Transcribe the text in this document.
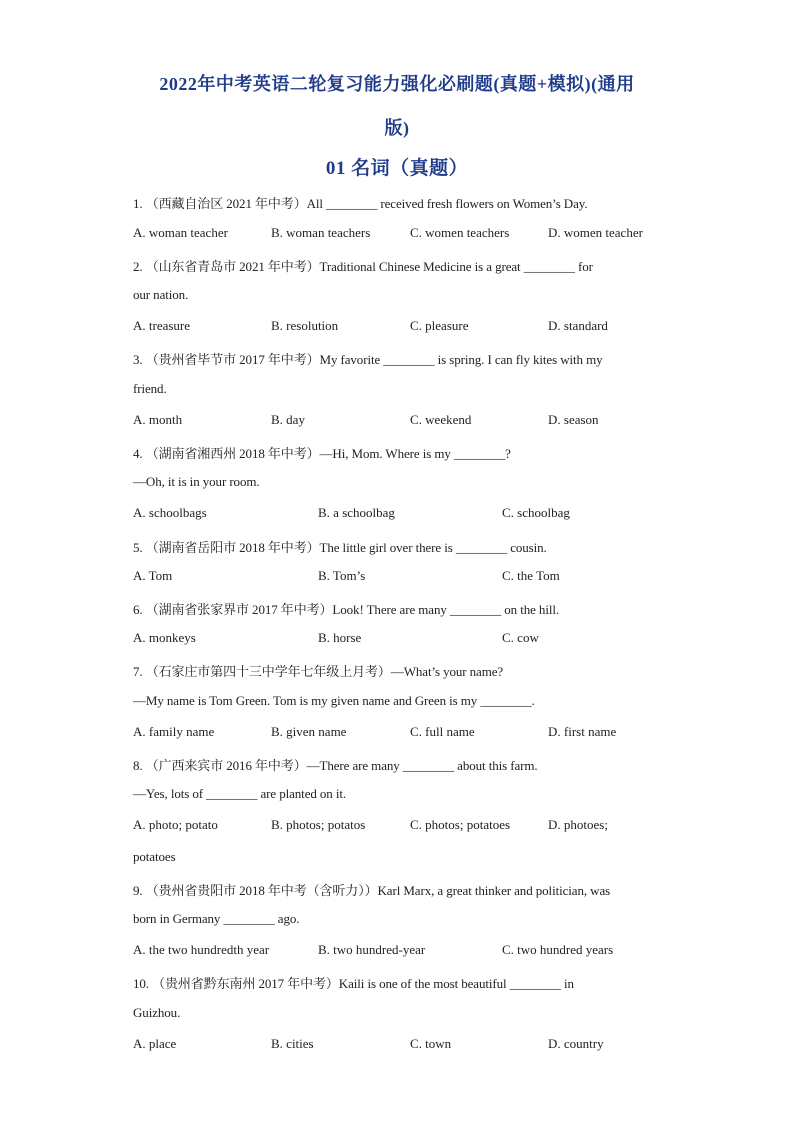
2022年中考英语二轮复习能力强化必刷题(真题+模拟)(通用
版)
01 名词（真题）
1. （西藏自治区 2021 年中考）All ________ received fresh flowers on Women’s Day.
A. woman teacher	B. woman teachers	C. women teachers	D. women teacher
2. （山东省青岛市 2021 年中考）Traditional Chinese Medicine is a great ________ for
our nation.
A. treasure	B. resolution	C. pleasure	D. standard
3. （贵州省毕节市 2017 年中考）My favorite ________ is spring. I can fly kites with my
friend.
A. month	B. day	C. weekend	D. season
4. （湖南省湘西州 2018 年中考）—Hi, Mom. Where is my ________?
—Oh, it is in your room.
A. schoolbags	B. a schoolbag	C. schoolbag
5. （湖南省岳阳市 2018 年中考）The little girl over there is ________ cousin.
A. Tom	B. Tom’s	C. the Tom
6. （湖南省张家界市 2017 年中考）Look! There are many ________ on the hill.
A. monkeys	B. horse	C. cow
7. （石家庄市第四十三中学年七年级上月考）—What’s your name?
—My name is Tom Green. Tom is my given name and Green is my ________.
A. family name	B. given name	C. full name	D. first name
8. （广西来宾市 2016 年中考）—There are many ________ about this farm.
—Yes, lots of ________ are planted on it.
A. photo; potato	B. photos; potatos	C. photos; potatoes	D. photoes;
potatoes
9. （贵州省贵阳市 2018 年中考（含听力））Karl Marx, a great thinker and politician, was
born in Germany ________ ago.
A. the two hundredth year	B. two hundred-year	C. two hundred years
10. （贵州省黔东南州 2017 年中考）Kaili is one of the most beautiful ________ in
Guizhou.
A. place	B. cities	C. town	D. country
